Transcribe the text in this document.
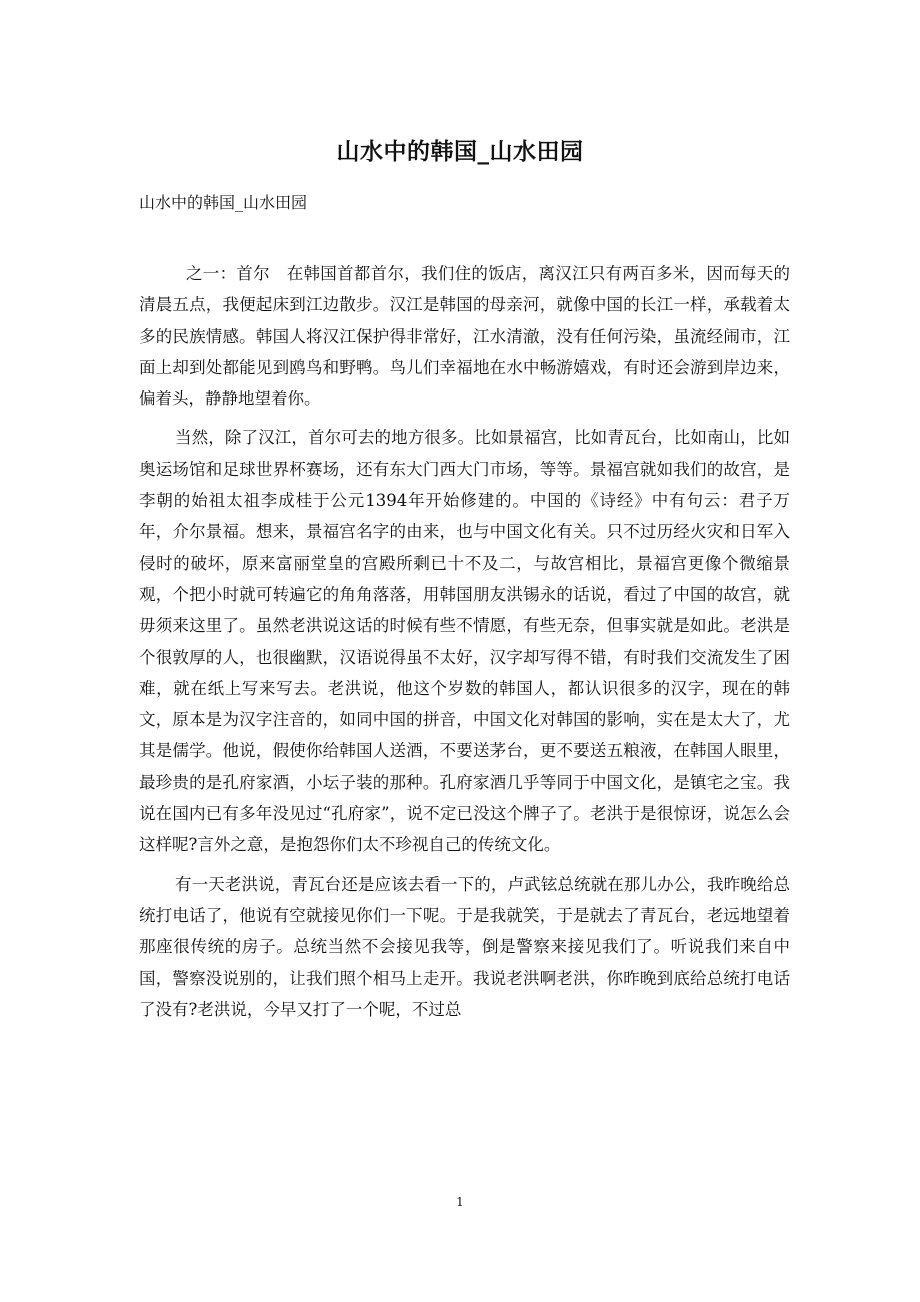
山水中的韩国_山水田园
山水中的韩国_山水田园

之一：首尔　在韩国首都首尔，我们住的饭店，离汉江只有两百多米，因而每天的清晨五点，我便起床到江边散步。汉江是韩国的母亲河，就像中国的长江一样，承载着太多的民族情感。韩国人将汉江保护得非常好，江水清澈，没有任何污染，虽流经闹市，江面上却到处都能见到鸥鸟和野鸭。鸟儿们幸福地在水中畅游嬉戏，有时还会游到岸边来，偏着头，静静地望着你。

当然，除了汉江，首尔可去的地方很多。比如景福宫，比如青瓦台，比如南山，比如奥运场馆和足球世界杯赛场，还有东大门西大门市场，等等。景福宫就如我们的故宫，是李朝的始祖太祖李成桂于公元1394年开始修建的。中国的《诗经》中有句云：君子万年，介尔景福。想来，景福宫名字的由来，也与中国文化有关。只不过历经火灾和日军入侵时的破坏，原来富丽堂皇的宫殿所剩已十不及二，与故宫相比，景福宫更像个微缩景观，个把小时就可转遍它的角角落落，用韩国朋友洪锡永的话说，看过了中国的故宫，就毋须来这里了。虽然老洪说这话的时候有些不情愿，有些无奈，但事实就是如此。老洪是个很敦厚的人，也很幽默，汉语说得虽不太好，汉字却写得不错，有时我们交流发生了困难，就在纸上写来写去。老洪说，他这个岁数的韩国人，都认识很多的汉字，现在的韩文，原本是为汉字注音的，如同中国的拼音，中国文化对韩国的影响，实在是太大了，尤其是儒学。他说，假使你给韩国人送酒，不要送茅台，更不要送五粮液，在韩国人眼里，最珍贵的是孔府家酒，小坛子装的那种。孔府家酒几乎等同于中国文化，是镇宅之宝。我说在国内已有多年没见过“孔府家”，说不定已没这个牌子了。老洪于是很惊讶，说怎么会这样呢?言外之意，是抱怨你们太不珍视自己的传统文化。

有一天老洪说，青瓦台还是应该去看一下的，卢武铉总统就在那儿办公，我昨晚给总统打电话了，他说有空就接见你们一下呢。于是我就笑，于是就去了青瓦台，老远地望着那座很传统的房子。总统当然不会接见我等，倒是警察来接见我们了。听说我们来自中国，警察没说别的，让我们照个相马上走开。我说老洪啊老洪，你昨晚到底给总统打电话了没有?老洪说，今早又打了一个呢，不过总

1
